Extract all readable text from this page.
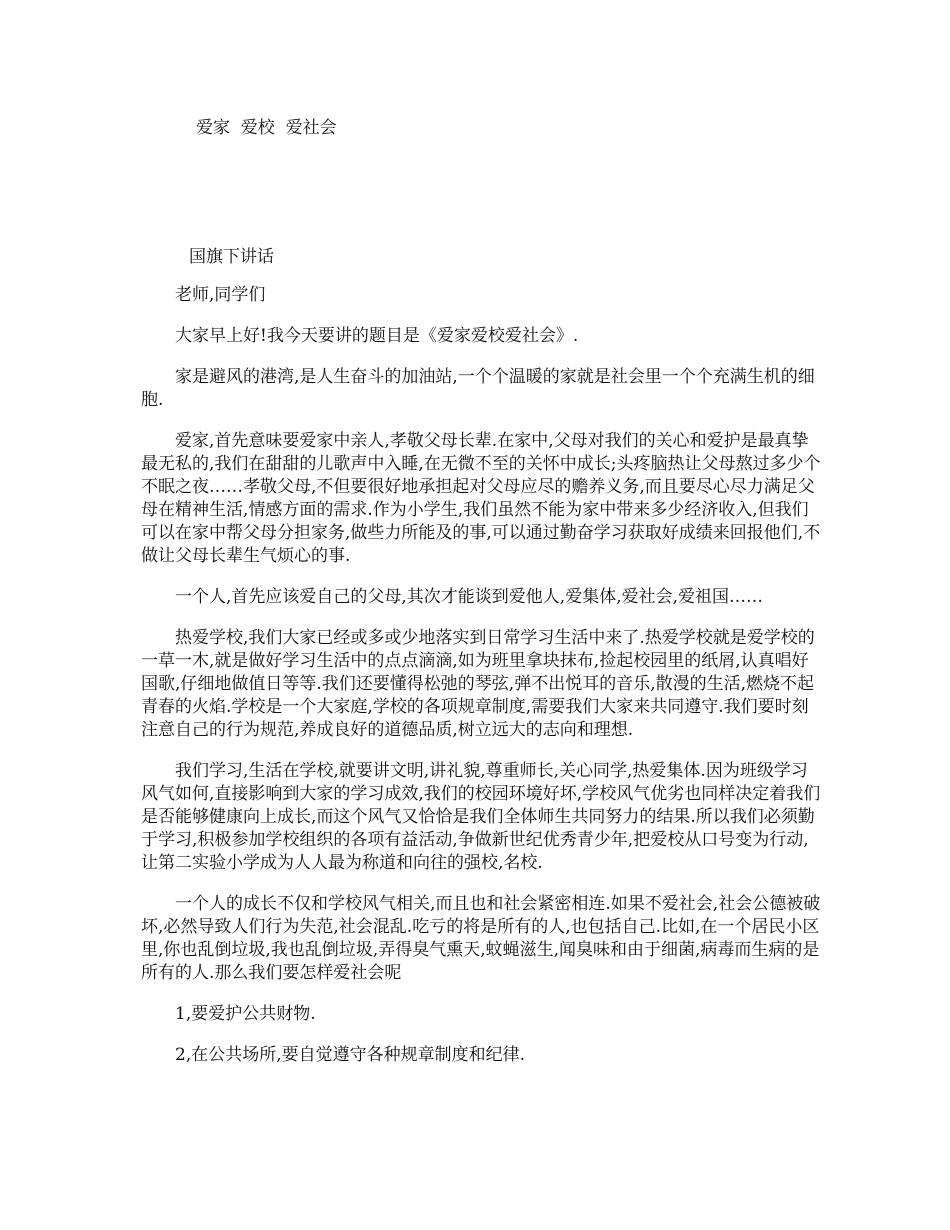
爱家  爱校  爱社会
国旗下讲话

老师,同学们

大家早上好!我今天要讲的题目是《爱家爱校爱社会》.

家是避风的港湾,是人生奋斗的加油站,一个个温暖的家就是社会里一个个充满生机的细胞.

爱家,首先意味要爱家中亲人,孝敬父母长辈.在家中,父母对我们的关心和爱护是最真挚最无私的,我们在甜甜的儿歌声中入睡,在无微不至的关怀中成长;头疼脑热让父母熬过多少个不眠之夜……孝敬父母,不但要很好地承担起对父母应尽的赡养义务,而且要尽心尽力满足父母在精神生活,情感方面的需求.作为小学生,我们虽然不能为家中带来多少经济收入,但我们可以在家中帮父母分担家务,做些力所能及的事,可以通过勤奋学习获取好成绩来回报他们,不做让父母长辈生气烦心的事.

一个人,首先应该爱自己的父母,其次才能谈到爱他人,爱集体,爱社会,爱祖国……

热爱学校,我们大家已经或多或少地落实到日常学习生活中来了.热爱学校就是爱学校的一草一木,就是做好学习生活中的点点滴滴,如为班里拿块抹布,捡起校园里的纸屑,认真唱好国歌,仔细地做值日等等.我们还要懂得松弛的琴弦,弹不出悦耳的音乐,散漫的生活,燃烧不起青春的火焰.学校是一个大家庭,学校的各项规章制度,需要我们大家来共同遵守.我们要时刻注意自己的行为规范,养成良好的道德品质,树立远大的志向和理想.

我们学习,生活在学校,就要讲文明,讲礼貌,尊重师长,关心同学,热爱集体.因为班级学习风气如何,直接影响到大家的学习成效,我们的校园环境好坏,学校风气优劣也同样决定着我们是否能够健康向上成长,而这个风气又恰恰是我们全体师生共同努力的结果.所以我们必须勤于学习,积极参加学校组织的各项有益活动,争做新世纪优秀青少年,把爱校从口号变为行动,让第二实验小学成为人人最为称道和向往的强校,名校.

一个人的成长不仅和学校风气相关,而且也和社会紧密相连.如果不爱社会,社会公德被破坏,必然导致人们行为失范,社会混乱.吃亏的将是所有的人,也包括自己.比如,在一个居民小区里,你也乱倒垃圾,我也乱倒垃圾,弄得臭气熏天,蚊蝇滋生,闻臭味和由于细菌,病毒而生病的是所有的人.那么我们要怎样爱社会呢

1,要爱护公共财物.

2,在公共场所,要自觉遵守各种规章制度和纪律.
